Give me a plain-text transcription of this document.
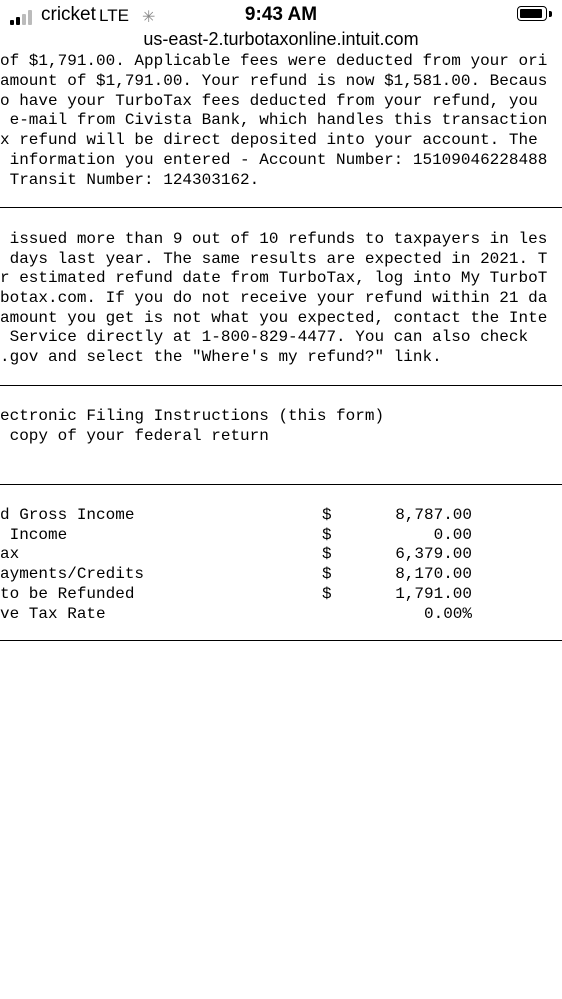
cricket LTE ✳	9:43 AM
us-east-2.turbotaxonline.intuit.com
of $1,791.00. Applicable fees were deducted from your ori
amount of $1,791.00. Your refund is now $1,581.00. Becaus
o have your TurboTax fees deducted from your refund, you
e-mail from Civista Bank, which handles this transaction
x refund will be direct deposited into your account. The
information you entered - Account Number: 15109046228488
Transit Number: 124303162.
issued more than 9 out of 10 refunds to taxpayers in les
days last year. The same results are expected in 2021. T
r estimated refund date from TurboTax, log into My TurboT
botax.com. If you do not receive your refund within 21 da
amount you get is not what you expected, contact the Inte
Service directly at 1-800-829-4477. You can also check
.gov and select the "Where's my refund?" link.
ectronic Filing Instructions (this form)
copy of your federal return
d Gross Income	$	8,787.00
Income	$	0.00
ax	$	6,379.00
ayments/Credits	$	8,170.00
to be Refunded	$	1,791.00
ve Tax Rate	0.00%
